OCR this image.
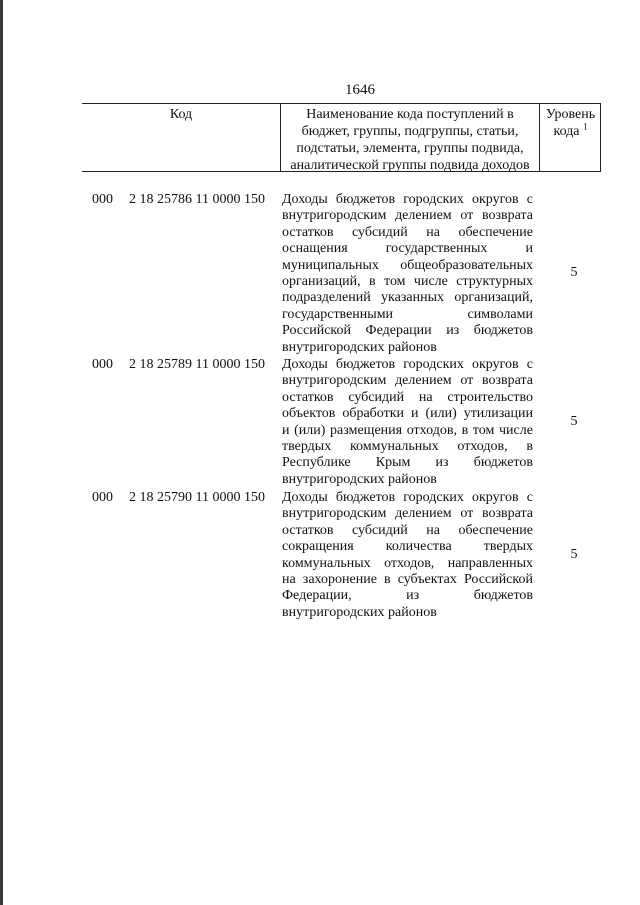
1646
Код	Наименование кода поступлений в
бюджет, группы, подгруппы, статьи,
подстатьи, элемента, группы подвида,
аналитической группы подвида доходов
Уровень
кода $^1$
000 2 18 25786 11 0000 150 Доходы бюджетов городских округов с
внутригородским делением от возврата
остатков субсидий на обеспечение
оснащения	государственных	и
муниципальных общеобразовательных
организаций, в том числе структурных
подразделений указанных организаций,
государственными	символами
Российской Федерации из бюджетов
внутригородских районов
5
000 2 18 25789 11 0000 150 Доходы бюджетов городских округов с
внутригородским делением от возврата
остатков субсидий на строительство
объектов обработки и (или) утилизации
и (или) размещения отходов, в том числе
твердых коммунальных отходов, в
Республике Крым из бюджетов
внутригородских районов
5
000 2 18 25790 11 0000 150 Доходы бюджетов городских округов с
внутригородским делением от возврата
остатков субсидий на обеспечение
сокращения количества твердых
коммунальных отходов, направленных
на захоронение в субъектах Российской
Федерации,	из	бюджетов
внутригородских районов
5
